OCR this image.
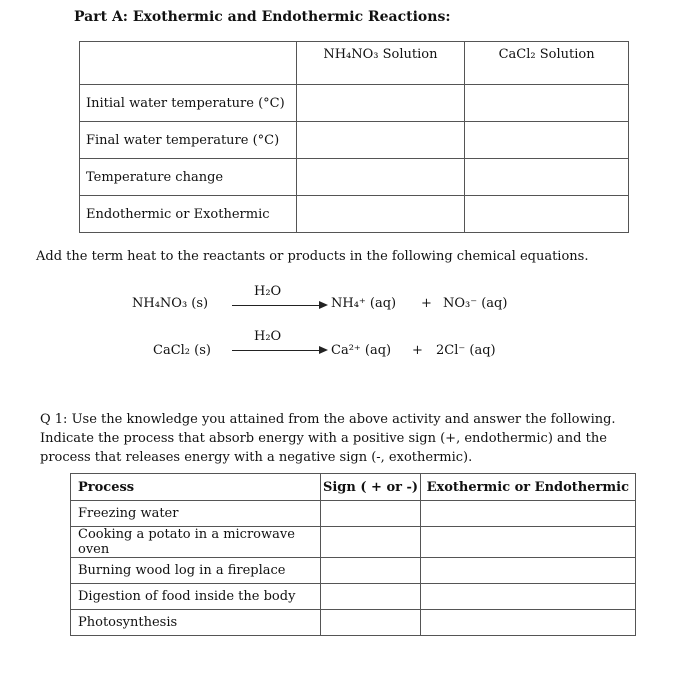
Part A: Exothermic and Endothermic Reactions:
	NH₄NO₃ Solution	CaCl₂ Solution
Initial water temperature (°C)		
Final water temperature (°C)		
Temperature change		
Endothermic or Exothermic		
Add the term heat to the reactants or products in the following chemical equations.
NH₄NO₃ (s)
H₂O
NH₄⁺ (aq) + NO₃⁻ (aq)
CaCl₂ (s)
H₂O
Ca²⁺ (aq) + 2Cl⁻ (aq)
Q 1: Use the knowledge you attained from the above activity and answer the following. Indicate the process that absorb energy with a positive sign (+, endothermic) and the process that releases energy with a negative sign (-, exothermic).
Process	Sign ( + or -)	Exothermic or Endothermic
Freezing water		
Cooking a potato in a microwave oven		
Burning wood log in a fireplace		
Digestion of food inside the body		
Photosynthesis		
